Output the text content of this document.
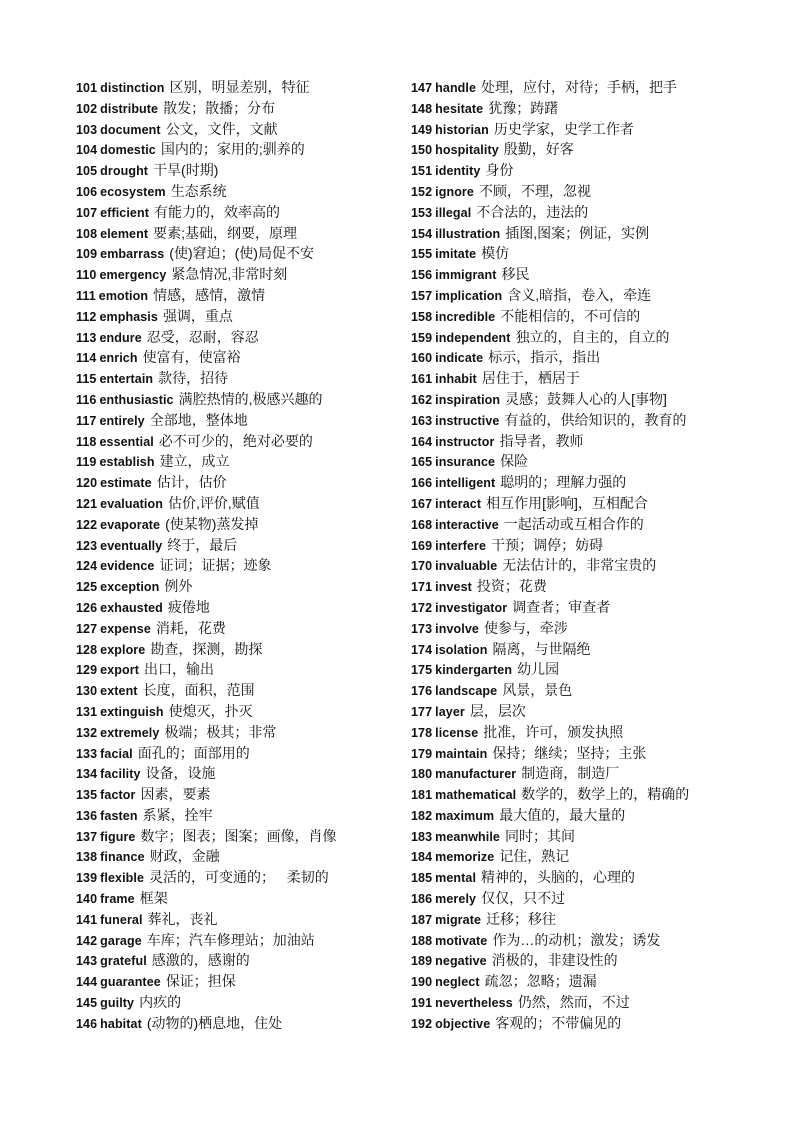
101 distinction 区别，明显差别，特征
102 distribute 散发；散播；分布
103 document 公文，文件，文献
104 domestic 国内的；家用的;驯养的
105 drought 干旱(时期)
106 ecosystem 生态系统
107 efficient 有能力的，效率高的
108 element 要素;基础，纲要，原理
109 embarrass (使)窘迫；(使)局促不安
110 emergency 紧急情况,非常时刻
111 emotion 情感，感情，激情
112 emphasis 强调，重点
113 endure 忍受，忍耐，容忍
114 enrich 使富有，使富裕
115 entertain 款待，招待
116 enthusiastic 满腔热情的,极感兴趣的
117 entirely 全部地，整体地
118 essential 必不可少的，绝对必要的
119 establish 建立，成立
120 estimate 估计，估价
121 evaluation 估价,评价,赋值
122 evaporate (使某物)蒸发掉
123 eventually 终于，最后
124 evidence 证词；证据；迹象
125 exception 例外
126 exhausted 疲倦地
127 expense 消耗，花费
128 explore 勘查，探测，勘探
129 export 出口，输出
130 extent 长度，面积，范围
131 extinguish 使熄灭，扑灭
132 extremely 极端；极其；非常
133 facial 面孔的；面部用的
134 facility 设备，设施
135 factor 因素，要素
136 fasten 系紧，拴牢
137 figure 数字；图表；图案；画像，肖像
138 finance 财政，金融
139 flexible 灵活的，可变通的；   柔韧的
140 frame 框架
141 funeral 葬礼，丧礼
142 garage 车库；汽车修理站；加油站
143 grateful 感激的，感谢的
144 guarantee 保证；担保
145 guilty 内疚的
146 habitat (动物的)栖息地，住处
147 handle 处理，应付，对待；手柄，把手
148 hesitate 犹豫；踌躇
149 historian 历史学家，史学工作者
150 hospitality 殷勤，好客
151 identity 身份
152 ignore 不顾，不理，忽视
153 illegal 不合法的，违法的
154 illustration 插图,图案；例证，实例
155 imitate 模仿
156 immigrant 移民
157 implication 含义,暗指，卷入，牵连
158 incredible 不能相信的，不可信的
159 independent 独立的，自主的，自立的
160 indicate 标示，指示，指出
161 inhabit 居住于，栖居于
162 inspiration 灵感；鼓舞人心的人[事物]
163 instructive 有益的，供给知识的，教育的
164 instructor 指导者，教师
165 insurance 保险
166 intelligent 聪明的；理解力强的
167 interact 相互作用[影响]，互相配合
168 interactive 一起活动或互相合作的
169 interfere 干预；调停；妨碍
170 invaluable 无法估计的，非常宝贵的
171 invest 投资；花费
172 investigator 调查者；审查者
173 involve 使参与，牵涉
174 isolation 隔离，与世隔绝
175 kindergarten 幼儿园
176 landscape 风景，景色
177 layer 层，层次
178 license 批准，许可，颁发执照
179 maintain 保持；继续；坚持；主张
180 manufacturer 制造商，制造厂
181 mathematical 数学的，数学上的，精确的
182 maximum 最大值的，最大量的
183 meanwhile 同时；其间
184 memorize 记住，熟记
185 mental 精神的，头脑的，心理的
186 merely 仅仅，只不过
187 migrate 迁移；移往
188 motivate 作为…的动机；激发；诱发
189 negative 消极的，非建设性的
190 neglect 疏忽；忽略；遗漏
191 nevertheless 仍然，然而，不过
192 objective 客观的；不带偏见的
